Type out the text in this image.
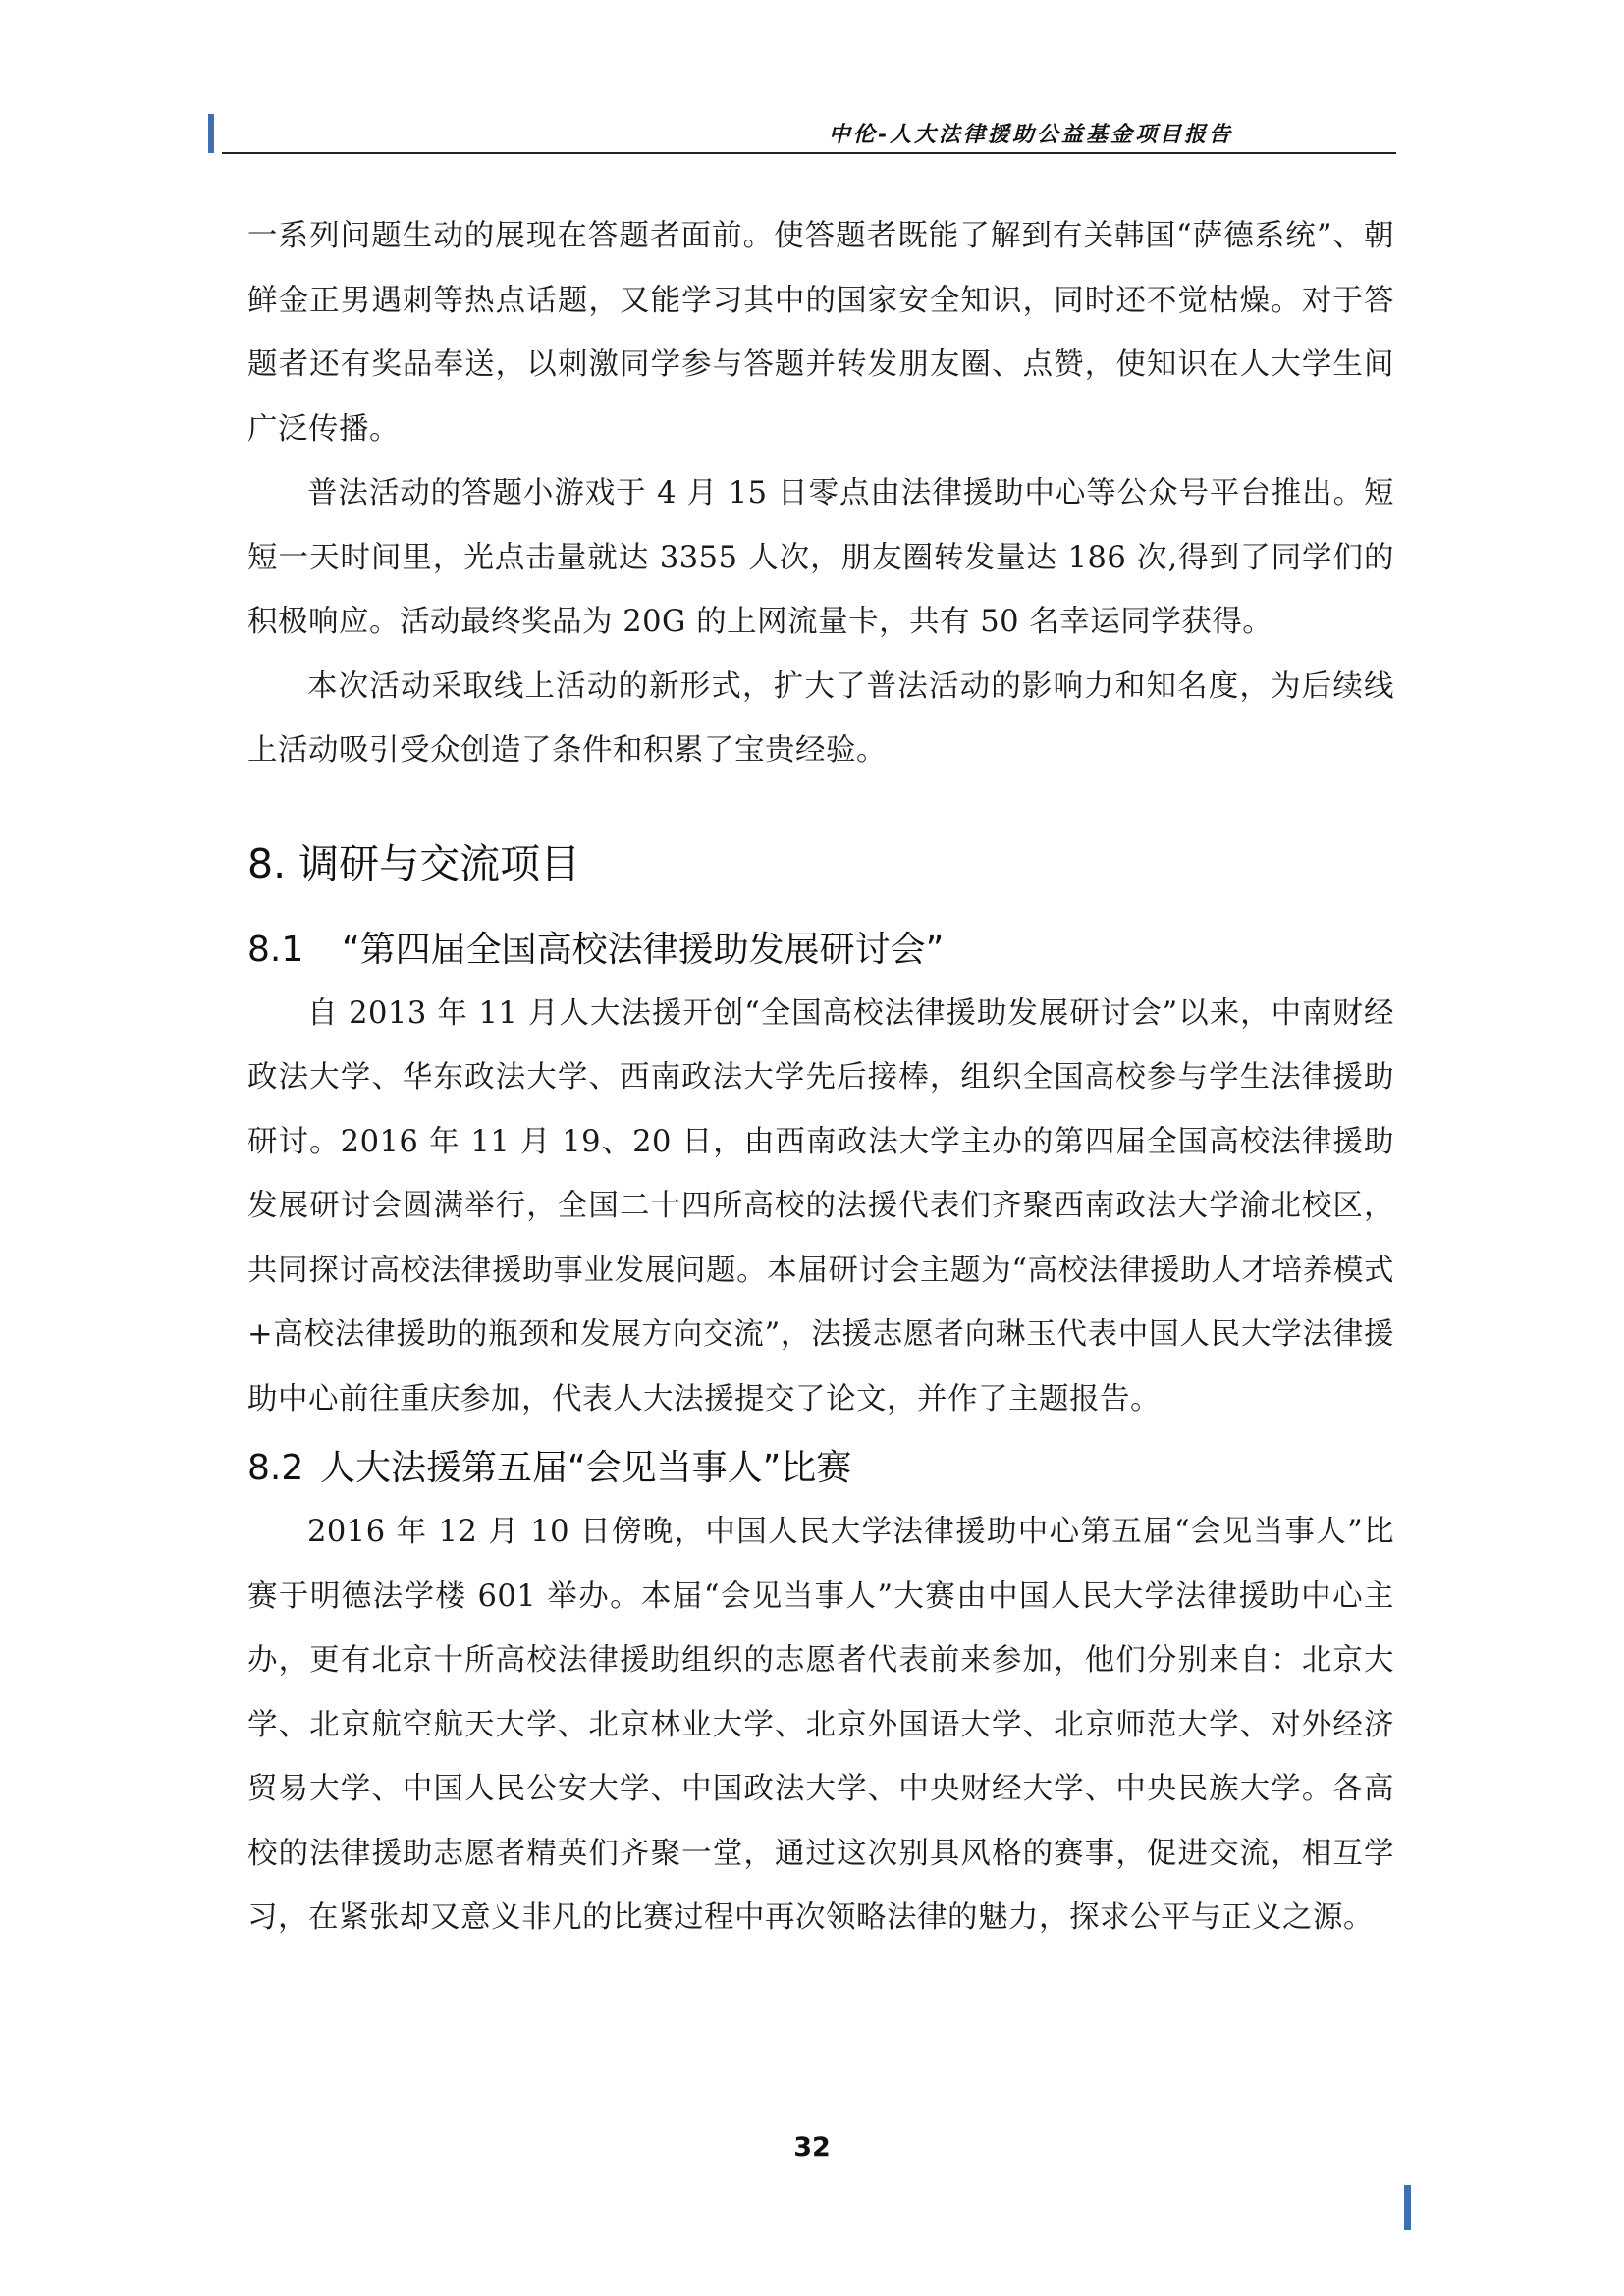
中伦-人大法律援助公益基金项目报告

一系列问题生动的展现在答题者面前。使答题者既能了解到有关韩国“萨德系统”、朝鲜金正男遇刺等热点话题，又能学习其中的国家安全知识，同时还不觉枯燥。对于答题者还有奖品奉送，以刺激同学参与答题并转发朋友圈、点赞，使知识在人大学生间广泛传播。

普法活动的答题小游戏于 4 月 15 日零点由法律援助中心等公众号平台推出。短短一天时间里，光点击量就达 3355 人次，朋友圈转发量达 186 次,得到了同学们的积极响应。活动最终奖品为 20G 的上网流量卡，共有 50 名幸运同学获得。

本次活动采取线上活动的新形式，扩大了普法活动的影响力和知名度，为后续线上活动吸引受众创造了条件和积累了宝贵经验。

8. 调研与交流项目
8.1 “第四届全国高校法律援助发展研讨会”

自 2013 年 11 月人大法援开创“全国高校法律援助发展研讨会”以来，中南财经政法大学、华东政法大学、西南政法大学先后接棒，组织全国高校参与学生法律援助研讨。2016 年 11 月 19、20 日，由西南政法大学主办的第四届全国高校法律援助发展研讨会圆满举行，全国二十四所高校的法援代表们齐聚西南政法大学渝北校区，共同探讨高校法律援助事业发展问题。本届研讨会主题为“高校法律援助人才培养模式+高校法律援助的瓶颈和发展方向交流”，法援志愿者向琳玉代表中国人民大学法律援助中心前往重庆参加，代表人大法援提交了论文，并作了主题报告。

8.2 人大法援第五届“会见当事人”比赛

2016 年 12 月 10 日傍晚，中国人民大学法律援助中心第五届“会见当事人”比赛于明德法学楼 601 举办。本届“会见当事人”大赛由中国人民大学法律援助中心主办，更有北京十所高校法律援助组织的志愿者代表前来参加，他们分别来自：北京大学、北京航空航天大学、北京林业大学、北京外国语大学、北京师范大学、对外经济贸易大学、中国人民公安大学、中国政法大学、中央财经大学、中央民族大学。各高校的法律援助志愿者精英们齐聚一堂，通过这次别具风格的赛事，促进交流，相互学习，在紧张却又意义非凡的比赛过程中再次领略法律的魅力，探求公平与正义之源。

32
